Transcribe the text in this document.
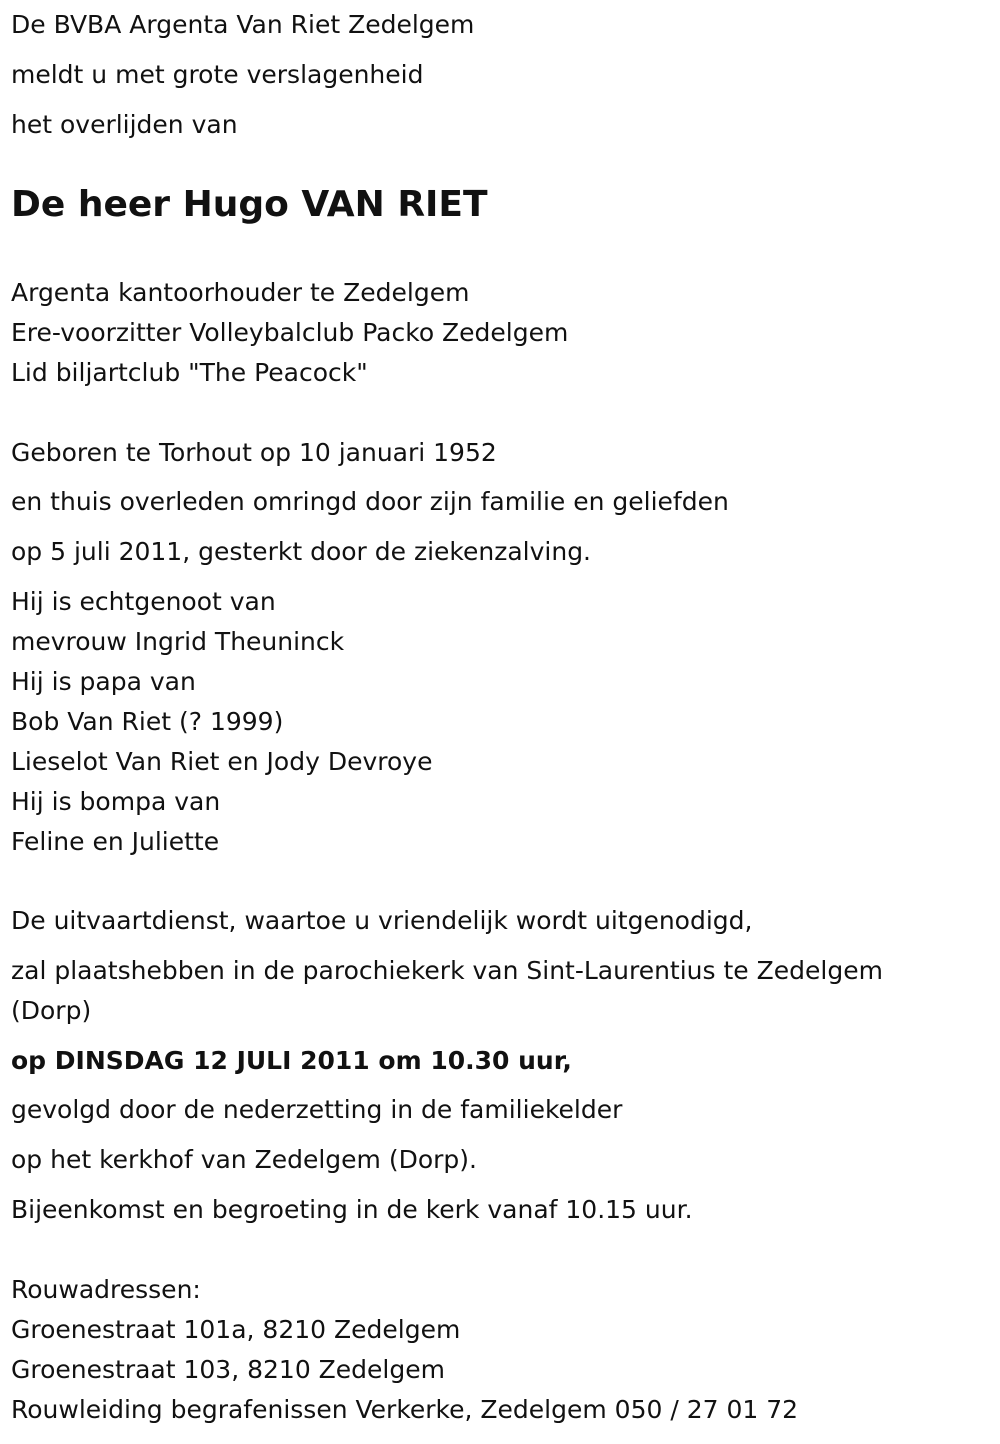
De BVBA Argenta Van Riet Zedelgem

meldt u met grote verslagenheid

het overlijden van

De heer Hugo VAN RIET

Argenta kantoorhouder te Zedelgem

Ere-voorzitter Volleybalclub Packo Zedelgem

Lid biljartclub "The Peacock"

Geboren te Torhout op 10 januari 1952

en thuis overleden omringd door zijn familie en geliefden

op 5 juli 2011, gesterkt door de ziekenzalving.

Hij is echtgenoot van

mevrouw Ingrid Theuninck

Hij is papa van

Bob Van Riet (? 1999)

Lieselot Van Riet en Jody Devroye

Hij is bompa van

Feline en Juliette

De uitvaartdienst, waartoe u vriendelijk wordt uitgenodigd,

zal plaatshebben in de parochiekerk van Sint-Laurentius te Zedelgem (Dorp)

op DINSDAG 12 JULI 2011 om 10.30 uur,

gevolgd door de nederzetting in de familiekelder

op het kerkhof van Zedelgem (Dorp).

Bijeenkomst en begroeting in de kerk vanaf 10.15 uur.

Rouwadressen:

Groenestraat 101a, 8210 Zedelgem

Groenestraat 103, 8210 Zedelgem

Rouwleiding begrafenissen Verkerke, Zedelgem 050 / 27 01 72
